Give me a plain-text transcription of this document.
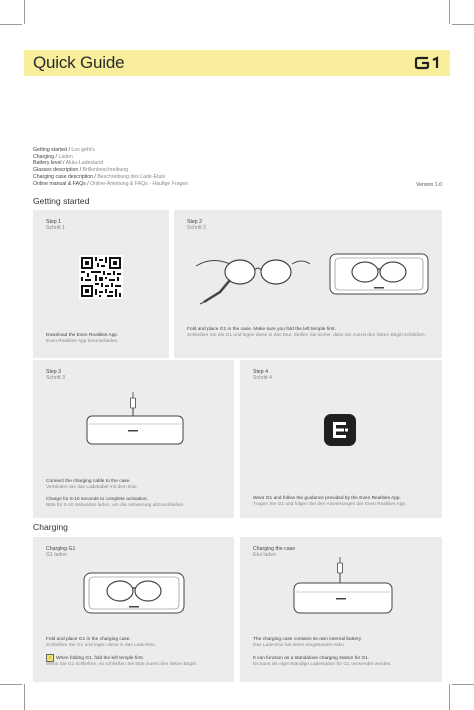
Quick Guide
Getting started / Los geht's
Charging / Laden
Battery level / Akku-Ladestand
Glasses description / Brillenbeschreibung
Charging case description / Beschreibung des Lade-Etuis
Online manual & FAQs / Online-Anleitung & FAQs - Häufige Fragen	Version 1.0
Getting started
Step 1
Schritt 1
Download the Even Realities App.
Even Realities App herunterladen.
Step 2
Schritt 2
Fold and place G1 in the case. Make sure you fold the left temple first.
Schließen Sie die G1 und legen diese in das Etui. Stellen Sie sicher, dass Sie zuerst den linken Bügel schließen.
Step 3
Schritt 3
Connect the charging cable to the case.
Verbinden Sie das Ladekabel mit dem Etui.
Charge for 5-10 seconds to complete activation.
Bitte für 5-10 Sekunden laden, um die Aktivierung abzuschließen.
Step 4
Schritt 4
Wear G1 and follow the guidance provided by the Even Realities App.
Tragen Sie G1 und folgen Sie den Anweisungen der Even Realities App.
Charging
Charging G1
G1 laden
Fold and place G1 in the charging case.
Schließen Sie G1 und legen diese in das Lade-Etui.
! When folding G1, fold the left temple first.
Wenn Sie G1 schließen, so schließen Sie bitte zuerst den linken Bügel.
Charging the case
Etui laden
The charging case contains its own internal battery.
Das Lade-Etui hat einen eingebauten Akku.
It can function as a standalone charging station for G1.
Es kann als eigenständige Ladestation für G1 verwendet werden.
